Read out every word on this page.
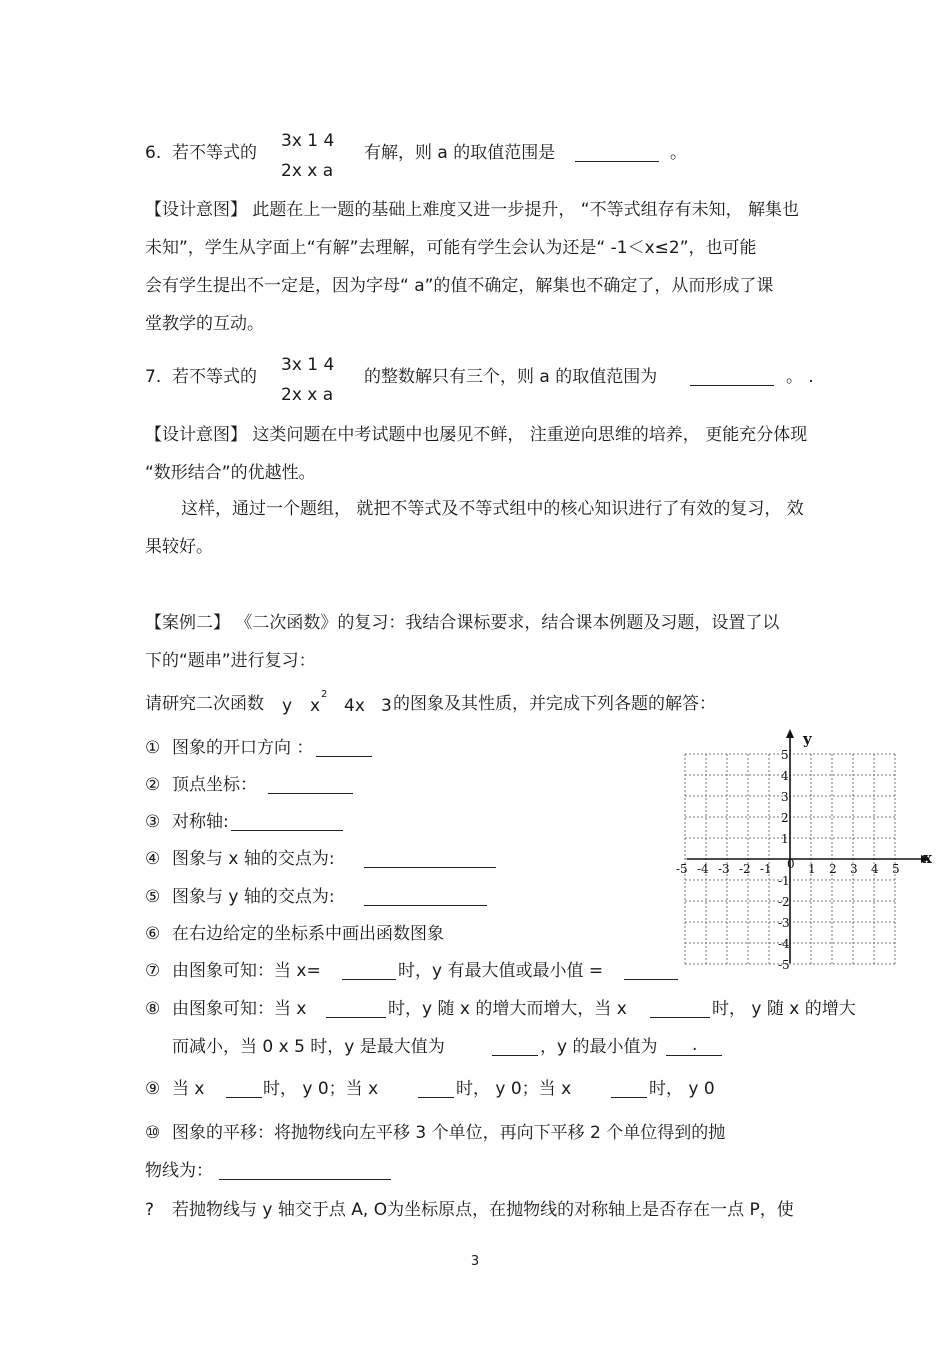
6. 若不等式的
3x 1 4
2x x a
有解，则 a 的取值范围是	。
【设计意图】 此题在上一题的基础上难度又进一步提升， “不等式组存有未知， 解集也
未知”，学生从字面上“有解”去理解，可能有学生会认为还是“ -1＜x≤2”，也可能
会有学生提出不一定是，因为字母“ a”的值不确定，解集也不确定了，从而形成了课
堂教学的互动。
7. 若不等式的
3x 1 4
2x x a
的整数解只有三个，则 a 的取值范围为	。 .
【设计意图】 这类问题在中考试题中也屡见不鲜， 注重逆向思维的培养， 更能充分体现
“数形结合”的优越性。
这样，通过一个题组， 就把不等式及不等式组中的核心知识进行了有效的复习， 效
果较好。
【案例二】 《二次函数》的复习：我结合课标要求，结合课本例题及习题，设置了以
下的“题串”进行复习：
请研究二次函数 y x
2
4x 3 的图象及其性质，并完成下列各题的解答：
① 图象的开口方向 ：
② 顶点坐标：
③ 对称轴:
④ 图象与 x 轴的交点为:
⑤ 图象与 y 轴的交点为:
⑥ 在右边给定的坐标系中画出函数图象
⑦ 由图象可知：当 x=	时，y 有最大值或最小值 =
⑧ 由图象可知：当 x	时，y 随 x 的增大而增大，当 x	时， y 随 x 的增大
而减小，当 0 x 5 时，y 是最大值为	，y 的最小值为 .
⑨ 当 x	时， y 0；当 x	时， y 0；当 x	时， y 0
⑩ 图象的平移：将抛物线向左平移 3 个单位，再向下平移 2 个单位得到的抛
物线为：
? 若抛物线与 y 轴交于点 A, O为坐标原点，在抛物线的对称轴上是否存在一点 P，使
-5 -4 -3 -2 -1	1 2 3 4 5
-5
-4
-3
-2
-1
1
2
3
4
5
x
y
0
3
